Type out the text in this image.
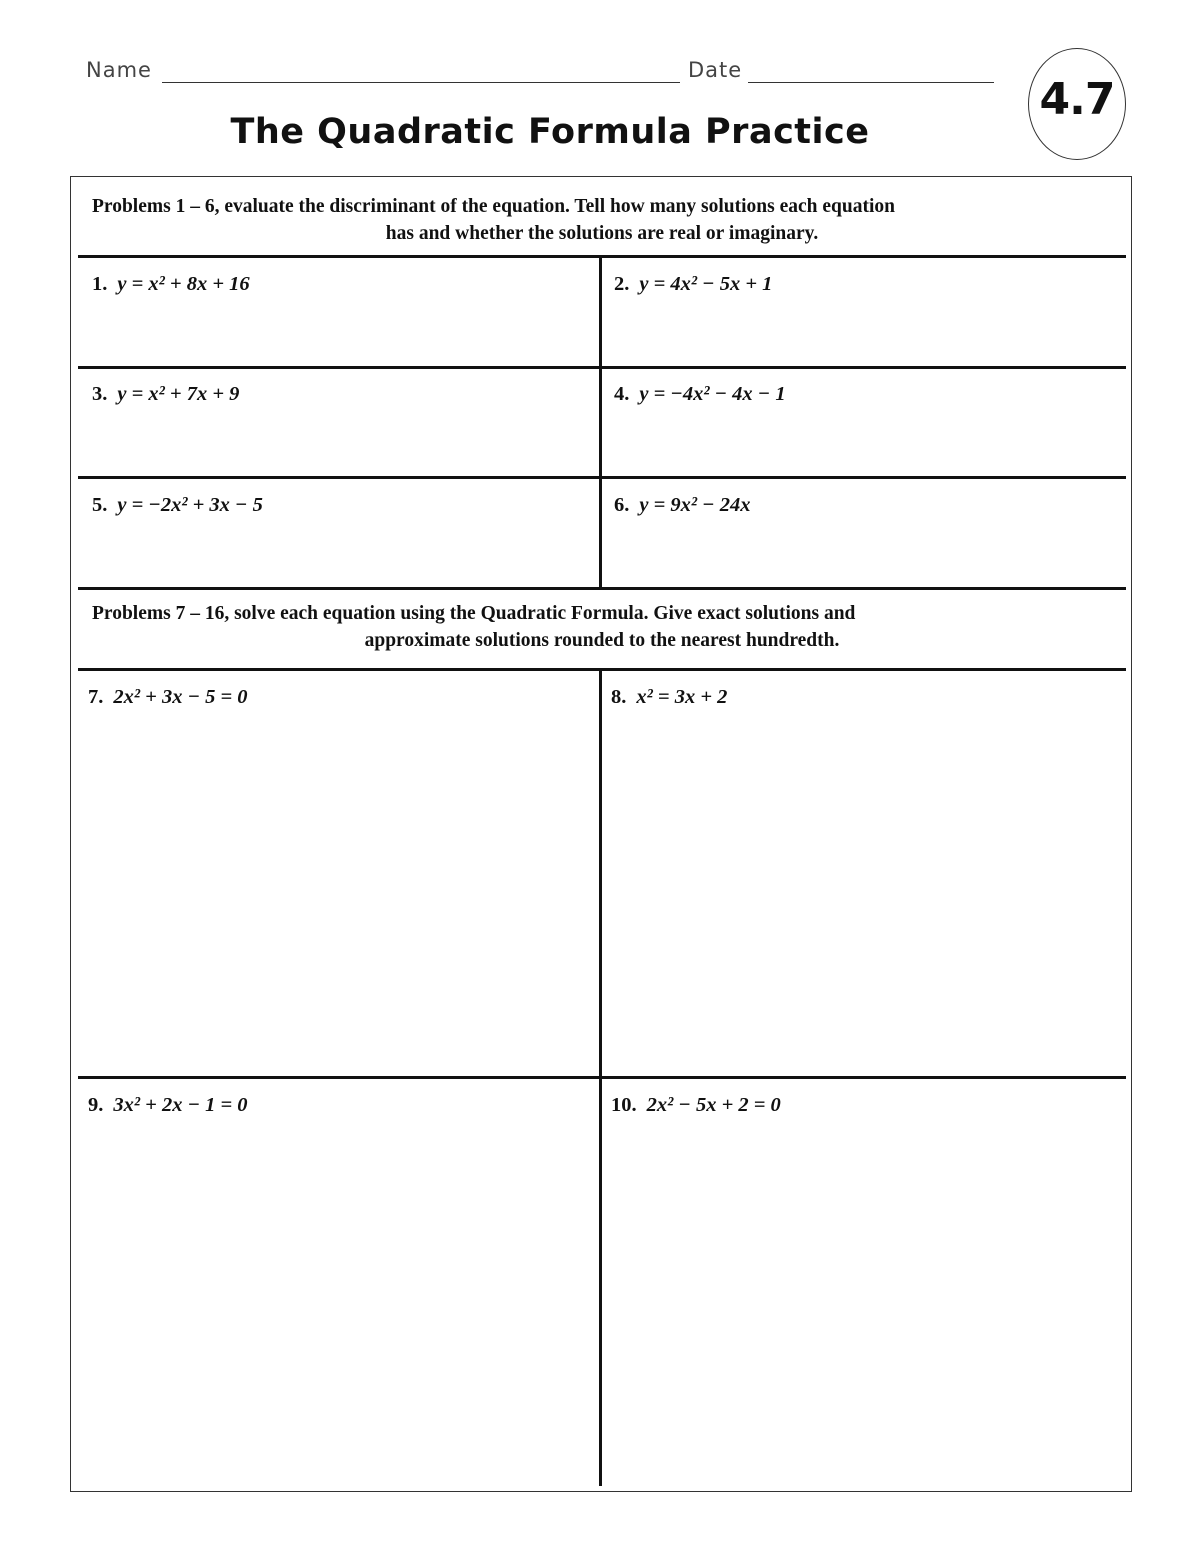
Name	Date
The Quadratic Formula Practice
4.7
Problems 1 – 6, evaluate the discriminant of the equation. Tell how many solutions each equation
has and whether the solutions are real or imaginary.
1. y = x² + 8x + 16	2. y = 4x² − 5x + 1
3. y = x² + 7x + 9	4. y = −4x² − 4x − 1
5. y = −2x² + 3x − 5	6. y = 9x² − 24x
Problems 7 – 16, solve each equation using the Quadratic Formula. Give exact solutions and
approximate solutions rounded to the nearest hundredth.
7. 2x² + 3x − 5 = 0	8. x² = 3x + 2
9. 3x² + 2x − 1 = 0	10. 2x² − 5x + 2 = 0
